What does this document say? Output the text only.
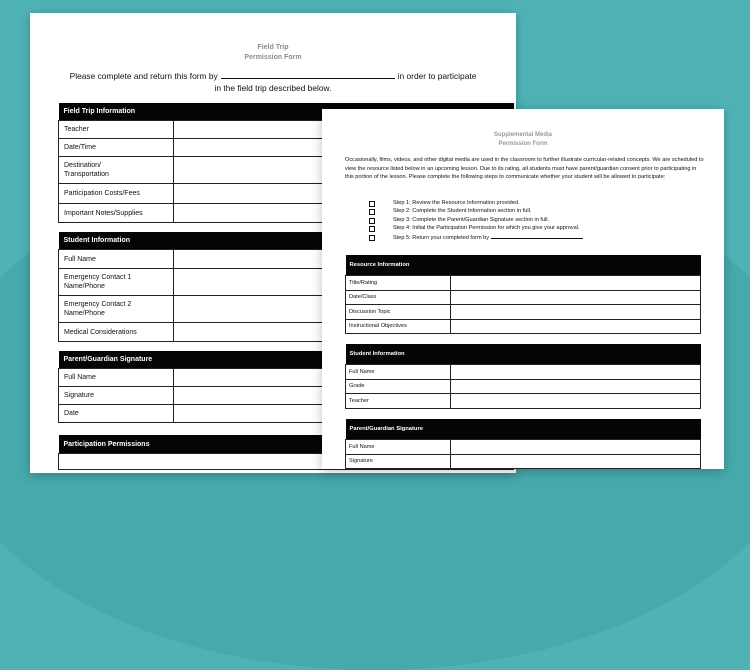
Field Trip
Permission Form
Please complete and return this form by	in order to participate
in the field trip described below.
Field Trip Information	
Teacher	
Date/Time	
Destination/
Transportation	
Participation Costs/Fees	
Important Notes/Supplies	
Student Information	
Full Name	
Emergency Contact 1
Name/Phone	
Emergency Contact 2
Name/Phone	
Medical Considerations	
Parent/Guardian Signature	
Full Name	
Signature	
Date	
Participation Permissions

Supplemental Media
Permission Form
Occasionally, films, videos, and other digital media are used in the classroom to further illustrate curricular-related concepts. We are scheduled to view the resource listed below in an upcoming lesson. Due to its rating, all students must have parent/guardian consent prior to participating in this portion of the lesson. Please complete the following steps to communicate whether your student will be allowed to participate:
Step 1: Review the Resource Information provided.
Step 2: Complete the Student Information section in full.
Step 3: Complete the Parent/Guardian Signature section in full.
Step 4: Initial the Participation Permission for which you give your approval.
Step 5: Return your completed form by
Resource Information	
Title/Rating	
Date/Class	
Discussion Topic	
Instructional Objectives	
Student Information	
Full Name	
Grade	
Teacher	
Parent/Guardian Signature	
Full Name	
Signature	
